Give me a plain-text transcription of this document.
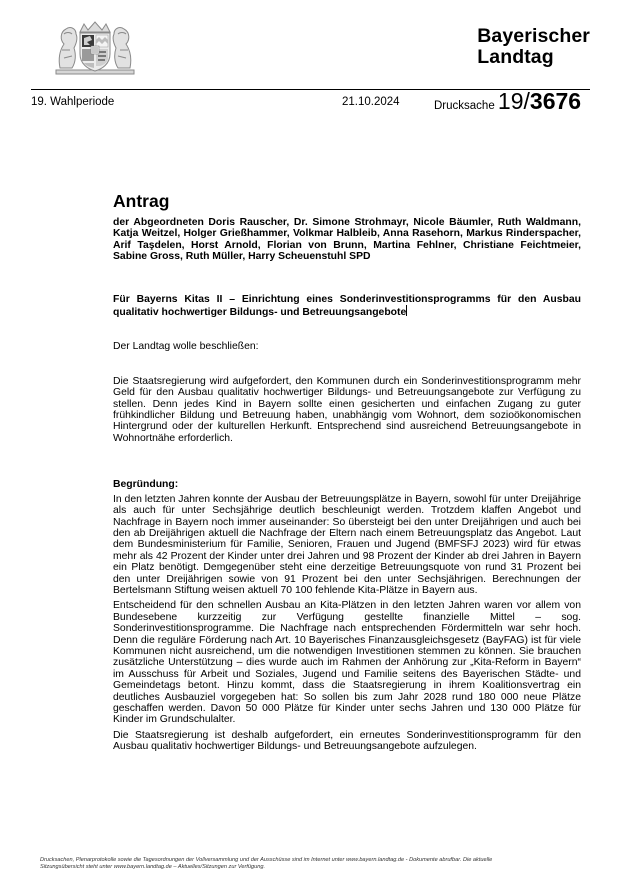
Bayerischer
Landtag
19. Wahlperiode	21.10.2024	Drucksache 19/3676
Antrag

der Abgeordneten Doris Rauscher, Dr. Simone Strohmayr, Nicole Bäumler, Ruth Waldmann, Katja Weitzel, Holger Grießhammer, Volkmar Halbleib, Anna Rasehorn, Markus Rinderspacher, Arif Taşdelen, Horst Arnold, Florian von Brunn, Martina Fehlner, Christiane Feichtmeier, Sabine Gross, Ruth Müller, Harry Scheuenstuhl SPD

Für Bayerns Kitas II – Einrichtung eines Sonderinvestitionsprogramms für den Ausbau qualitativ hochwertiger Bildungs- und Betreuungsangebote

Der Landtag wolle beschließen:

Die Staatsregierung wird aufgefordert, den Kommunen durch ein Sonderinvestitionsprogramm mehr Geld für den Ausbau qualitativ hochwertiger Bildungs- und Betreuungsangebote zur Verfügung zu stellen. Denn jedes Kind in Bayern sollte einen gesicherten und einfachen Zugang zu guter frühkindlicher Bildung und Betreuung haben, unabhängig vom Wohnort, dem sozioökonomischen Hintergrund oder der kulturellen Herkunft. Entsprechend sind ausreichend Betreuungsangebote in Wohnortnähe erforderlich.

Begründung:

In den letzten Jahren konnte der Ausbau der Betreuungsplätze in Bayern, sowohl für unter Dreijährige als auch für unter Sechsjährige deutlich beschleunigt werden. Trotzdem klaffen Angebot und Nachfrage in Bayern noch immer auseinander: So übersteigt bei den unter Dreijährigen und auch bei den ab Dreijährigen aktuell die Nachfrage der Eltern nach einem Betreuungsplatz das Angebot. Laut dem Bundesministerium für Familie, Senioren, Frauen und Jugend (BMFSFJ 2023) wird für etwas mehr als 42 Prozent der Kinder unter drei Jahren und 98 Prozent der Kinder ab drei Jahren in Bayern ein Platz benötigt. Demgegenüber steht eine derzeitige Betreuungsquote von rund 31 Prozent bei den unter Dreijährigen sowie von 91 Prozent bei den unter Sechsjährigen. Berechnungen der Bertelsmann Stiftung weisen aktuell 70 100 fehlende Kita-Plätze in Bayern aus.

Entscheidend für den schnellen Ausbau an Kita-Plätzen in den letzten Jahren waren vor allem von Bundesebene kurzzeitig zur Verfügung gestellte finanzielle Mittel – sog. Sonderinvestitionsprogramme. Die Nachfrage nach entsprechenden Fördermitteln war sehr hoch. Denn die reguläre Förderung nach Art. 10 Bayerisches Finanzausgleichsgesetz (BayFAG) ist für viele Kommunen nicht ausreichend, um die notwendigen Investitionen stemmen zu können. Sie brauchen zusätzliche Unterstützung – dies wurde auch im Rahmen der Anhörung zur „Kita-Reform in Bayern“ im Ausschuss für Arbeit und Soziales, Jugend und Familie seitens des Bayerischen Städte- und Gemeindetags betont. Hinzu kommt, dass die Staatsregierung in ihrem Koalitionsvertrag ein deutliches Ausbauziel vorgegeben hat: So sollen bis zum Jahr 2028 rund 180 000 neue Plätze geschaffen werden. Davon 50 000 Plätze für Kinder unter sechs Jahren und 130 000 Plätze für Kinder im Grundschulalter.

Die Staatsregierung ist deshalb aufgefordert, ein erneutes Sonderinvestitionsprogramm für den Ausbau qualitativ hochwertiger Bildungs- und Betreuungsangebote aufzulegen.

Drucksachen, Plenarprotokolle sowie die Tagesordnungen der Vollversammlung und der Ausschüsse sind im Internet unter www.bayern.landtag.de - Dokumente abrufbar. Die aktuelle
Sitzungsübersicht steht unter www.bayern.landtag.de – Aktuelles/Sitzungen zur Verfügung.
